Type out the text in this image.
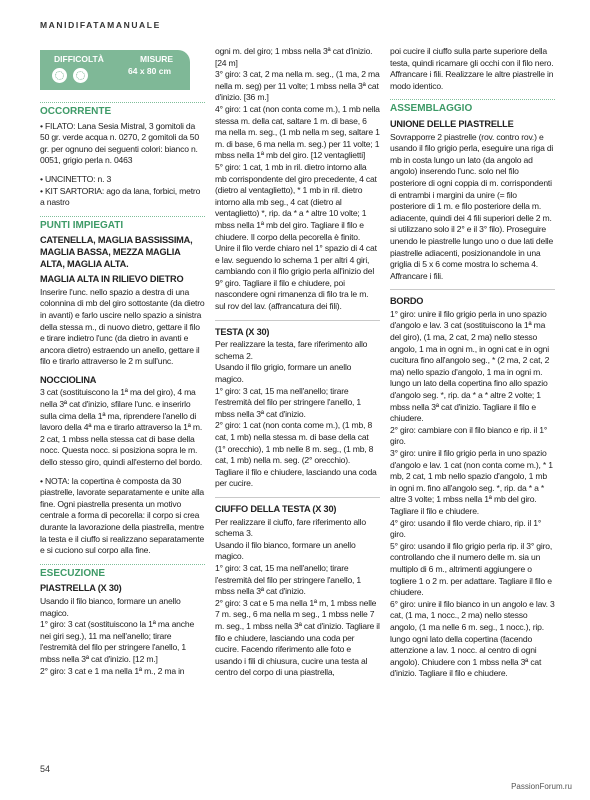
MANIDIFATAMANUALE
DIFFICOLTÀ	MISURE
64 x 80 cm
OCCORRENTE

• FILATO: Lana Sesia Mistral, 3 gomitoli da 50 gr. verde acqua n. 0270, 2 gomitoli da 50 gr. per ognuno dei seguenti colori: bianco n. 0051, grigio perla n. 0463

• UNCINETTO: n. 3

• KIT SARTORIA: ago da lana, forbici, metro a nastro

PUNTI IMPIEGATI
CATENELLA, MAGLIA BASSISSIMA, MAGLIA BASSA, MEZZA MAGLIA ALTA, MAGLIA ALTA.
MAGLIA ALTA IN RILIEVO DIETRO

Inserire l'unc. nello spazio a destra di una colonnina di mb del giro sottostante (da dietro in avanti) e farlo uscire nello spazio a sinistra della stessa m., di nuovo dietro, gettare il filo e tirare indietro l'unc (da dietro in avanti e ancora dietro) estraendo un anello, gettare il filo e tirarlo attraverso le 2 m sull'unc.

NOCCIOLINA

3 cat (sostituiscono la 1ª ma del giro), 4 ma nella 3ª cat d'inizio, sfilare l'unc. e inserirlo sulla cima della 1ª ma, riprendere l'anello di lavoro della 4ª ma e tirarlo attraverso la 1ª m. 2 cat, 1 mbss nella stessa cat di base della nocc. Questa nocc. si posiziona sopra le m. dello stesso giro, quindi all'esterno del bordo.

• NOTA: la copertina è composta da 30 piastrelle, lavorate separatamente e unite alla fine. Ogni piastrella presenta un motivo centrale a forma di pecorella: il corpo si crea durante la lavorazione della piastrella, mentre la testa e il ciuffo si realizzano separatamente e si cuciono sul corpo alla fine.

ESECUZIONE
PIASTRELLA (X 30)

Usando il filo bianco, formare un anello magico.

1° giro: 3 cat (sostituiscono la 1ª ma anche nei giri seg.), 11 ma nell'anello; tirare l'estremità del filo per stringere l'anello, 1 mbss nella 3ª cat d'inizio. [12 m.]

2° giro: 3 cat e 1 ma nella 1ª m., 2 ma in

ogni m. del giro; 1 mbss nella 3ª cat d'inizio. [24 m]

3° giro: 3 cat, 2 ma nella m. seg., (1 ma, 2 ma nella m. seg) per 11 volte; 1 mbss nella 3ª cat d'inizio. [36 m.]

4° giro: 1 cat (non conta come m.), 1 mb nella stessa m. della cat, saltare 1 m. di base, 6 ma nella m. seg., (1 mb nella m seg, saltare 1 m. di base, 6 ma nella m. seg.) per 11 volte; 1 mbss nella 1ª mb del giro. [12 ventaglietti]

5° giro: 1 cat, 1 mb in ril. dietro intorno alla mb corrispondente del giro precedente, 4 cat (dietro al ventaglietto), * 1 mb in ril. dietro intorno alla mb seg., 4 cat (dietro al ventaglietto) *, rip. da * a * altre 10 volte; 1 mbss nella 1ª mb del giro. Tagliare il filo e chiudere. Il corpo della pecorella è finito.

Unire il filo verde chiaro nel 1° spazio di 4 cat e lav. seguendo lo schema 1 per altri 4 giri, cambiando con il filo grigio perla all'inizio del 9° giro. Tagliare il filo e chiudere, poi nascondere ogni rimanenza di filo tra le m. sul rov del lav. (affrancatura dei fili).

TESTA (X 30)

Per realizzare la testa, fare riferimento allo schema 2.

Usando il filo grigio, formare un anello magico.

1° giro: 3 cat, 15 ma nell'anello; tirare l'estremità del filo per stringere l'anello, 1 mbss nella 3ª cat d'inizio.

2° giro: 1 cat (non conta come m.), (1 mb, 8 cat, 1 mb) nella stessa m. di base della cat (1° orecchio), 1 mb nelle 8 m. seg., (1 mb, 8 cat, 1 mb) nella m. seg. (2° orecchio). Tagliare il filo e chiudere, lasciando una coda per cucire.

CIUFFO DELLA TESTA (X 30)

Per realizzare il ciuffo, fare riferimento allo schema 3.

Usando il filo bianco, formare un anello magico.

1° giro: 3 cat, 15 ma nell'anello; tirare l'estremità del filo per stringere l'anello, 1 mbss nella 3ª cat d'inizio.

2° giro: 3 cat e 5 ma nella 1ª m, 1 mbss nelle 7 m. seg., 6 ma nella m seg., 1 mbss nelle 7 m. seg., 1 mbss nella 3ª cat d'inizio. Tagliare il filo e chiudere, lasciando una coda per cucire. Facendo riferimento alle foto e usando i fili di chiusura, cucire una testa al centro del corpo di una piastrella,

poi cucire il ciuffo sulla parte superiore della testa, quindi ricamare gli occhi con il filo nero. Affrancare i fili. Realizzare le altre piastrelle in modo identico.

ASSEMBLAGGIO
UNIONE DELLE PIASTRELLE

Sovrapporre 2 piastrelle (rov. contro rov.) e usando il filo grigio perla, eseguire una riga di mb in costa lungo un lato (da angolo ad angolo) inserendo l'unc. solo nel filo posteriore di ogni coppia di m. corrispondenti di entrambi i margini da unire (= filo posteriore di 1 m. e filo posteriore della m. adiacente, quindi dei 4 fili superiori delle 2 m. si utilizzano solo il 2° e il 3° filo). Proseguire unendo le piastrelle lungo uno o due lati delle piastrelle adiacenti, posizionandole in una griglia di 5 x 6 come mostra lo schema 4. Affrancare i fili.

BORDO

1° giro: unire il filo grigio perla in uno spazio d'angolo e lav. 3 cat (sostituiscono la 1ª ma del giro), (1 ma, 2 cat, 2 ma) nello stesso angolo, 1 ma in ogni m., in ogni cat e in ogni cucitura fino all'angolo seg., * (2 ma, 2 cat, 2 ma) nello spazio d'angolo, 1 ma in ogni m. lungo un lato della copertina fino allo spazio d'angolo seg. *, rip. da * a * altre 2 volte; 1 mbss nella 3ª cat d'inizio. Tagliare il filo e chiudere.

2° giro: cambiare con il filo bianco e rip. il 1° giro.

3° giro: unire il filo grigio perla in uno spazio d'angolo e lav. 1 cat (non conta come m.), * 1 mb, 2 cat, 1 mb nello spazio d'angolo, 1 mb in ogni m. fino all'angolo seg. *, rip. da * a * altre 3 volte; 1 mbss nella 1ª mb del giro. Tagliare il filo e chiudere.

4° giro: usando il filo verde chiaro, rip. il 1° giro.

5° giro: usando il filo grigio perla rip. il 3° giro, controllando che il numero delle m. sia un multiplo di 6 m., altrimenti aggiungere o togliere 1 o 2 m. per adattare. Tagliare il filo e chiudere.

6° giro: unire il filo bianco in un angolo e lav. 3 cat, (1 ma, 1 nocc., 2 ma) nello stesso angolo, (1 ma nelle 6 m. seg., 1 nocc.), rip. lungo ogni lato della copertina (facendo attenzione a lav. 1 nocc. al centro di ogni angolo). Chiudere con 1 mbss nella 3ª cat d'inizio. Tagliare il filo e chiudere.

54
PassionForum.ru
